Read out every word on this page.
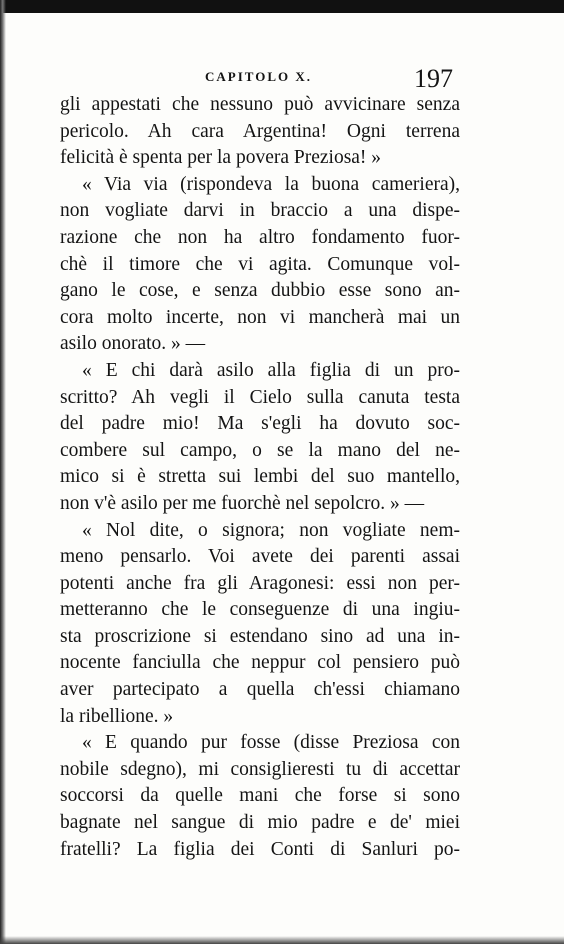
CAPITOLO X.	197
gli appestati che nessuno può avvicinare senza
pericolo. Ah cara Argentina! Ogni terrena
felicità è spenta per la povera Preziosa! »
« Via via (rispondeva la buona cameriera),
non vogliate darvi in braccio a una dispe-
razione che non ha altro fondamento fuor-
chè il timore che vi agita. Comunque vol-
gano le cose, e senza dubbio esse sono an-
cora molto incerte, non vi mancherà mai un
asilo onorato. » —
« E chi darà asilo alla figlia di un pro-
scritto? Ah vegli il Cielo sulla canuta testa
del padre mio! Ma s'egli ha dovuto soc-
combere sul campo, o se la mano del ne-
mico si è stretta sui lembi del suo mantello,
non v'è asilo per me fuorchè nel sepolcro. » —
« Nol dite, o signora; non vogliate nem-
meno pensarlo. Voi avete dei parenti assai
potenti anche fra gli Aragonesi: essi non per-
metteranno che le conseguenze di una ingiu-
sta proscrizione si estendano sino ad una in-
nocente fanciulla che neppur col pensiero può
aver partecipato a quella ch'essi chiamano
la ribellione. »
« E quando pur fosse (disse Preziosa con
nobile sdegno), mi consiglieresti tu di accettar
soccorsi da quelle mani che forse si sono
bagnate nel sangue di mio padre e de' miei
fratelli? La figlia dei Conti di Sanluri po-
